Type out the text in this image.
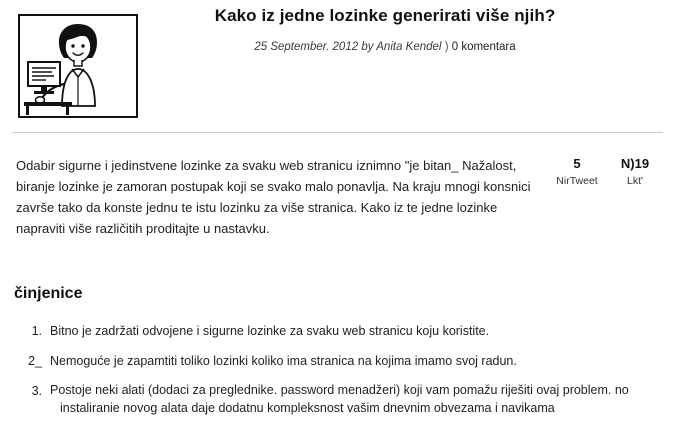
Kako iz jedne lozinke generirati više njih?
25 September. 2012 by Anita Kendel ) 0 komentara
Odabir sigurne i jedinstvene lozinke za svaku web stranicu iznimno "je bitan_ Nažalost, biranje lozinke je zamoran postupak koji se svako malo ponavlja. Na kraju mnogi konsnici završe tako da konste jednu te istu lozinku za više stranica. Kako iz te jedne lozinke napraviti više različitih proditajte u nastavku.
5
NirTweet
N)19
Lkt'
činjenice
1. Bitno je zadržati odvojene i sigurne lozinke za svaku web stranicu koju koristite.
2_ Nemoguće je zapamtiti toliko lozinki koliko ima stranica na kojima imamo svoj radun.
3. Postoje neki alati (dodaci za preglednike. password menadžeri) koji vam pomažu riješiti ovaj problem. no
instaliranie novog alata daje dodatnu kompleksnost vašim dnevnim obvezama i navikama
